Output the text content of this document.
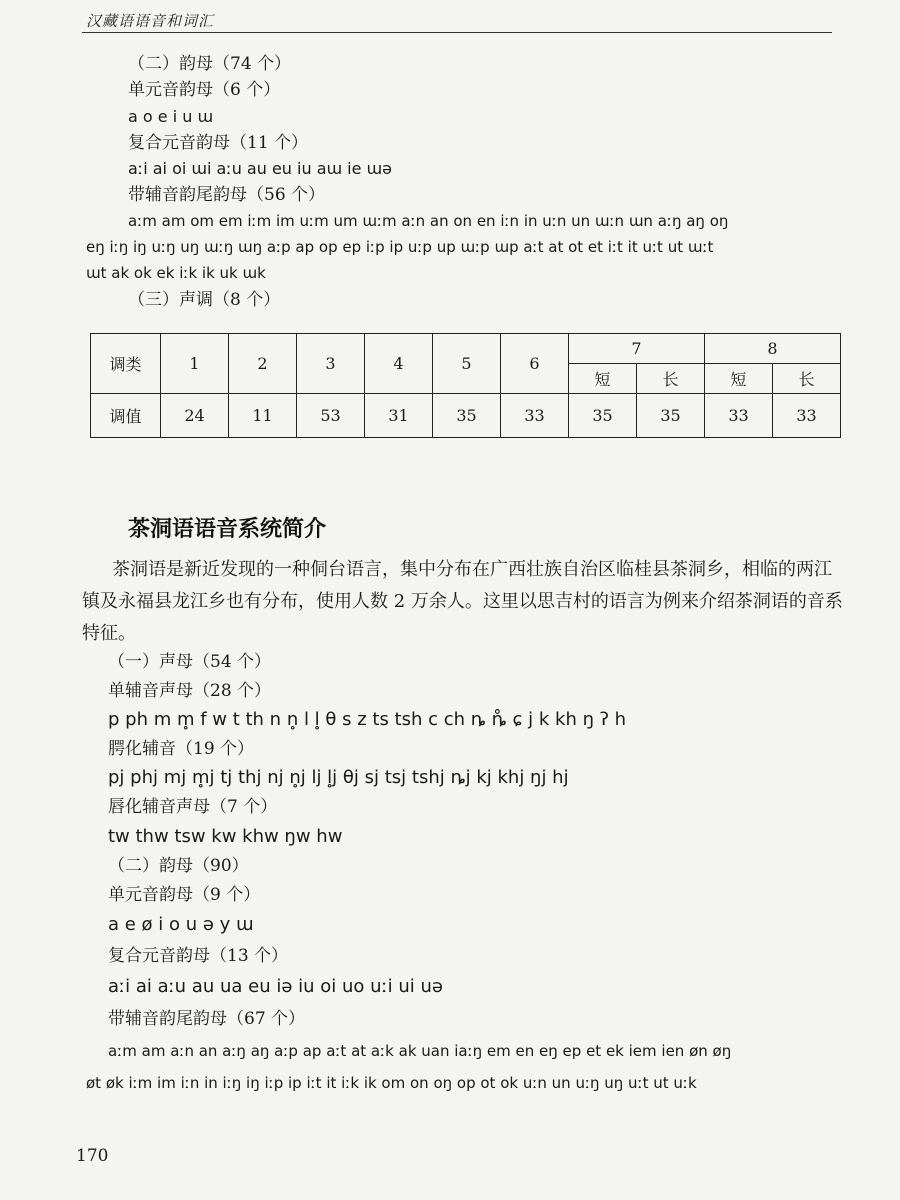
汉藏语语音和词汇
（二）韵母（74 个）
单元音韵母（6 个）
a o e i u ɯ
复合元音韵母（11 个）
aːi ai oi ɯi aːu au eu iu aɯ ie ɯə
带辅音韵尾韵母（56 个）
aːm am om em iːm im uːm um ɯːm aːn an on en iːn in uːn un ɯːn ɯn aːŋ aŋ oŋ
eŋ iːŋ iŋ uːŋ uŋ ɯːŋ ɯŋ aːp ap op ep iːp ip uːp up ɯːp ɯp aːt at ot et iːt it uːt ut ɯːt
ɯt ak ok ek iːk ik uk ɯk
（三）声调（8 个）
调类	1	2	3	4	5	6	7		8	
							短	长	短	长
调值	24	11	53	31	35	33	35	35	33	33
茶洞语语音系统简介
茶洞语是新近发现的一种侗台语言，集中分布在广西壮族自治区临桂县茶洞乡，相临的两江
镇及永福县龙江乡也有分布，使用人数 2 万余人。这里以思吉村的语言为例来介绍茶洞语的音系
特征。
（一）声母（54 个）
单辅音声母（28 个）
p ph m m̥ f w t th n n̥ l l̥ θ s z ts tsh c ch ȵ ȵ̊ ɕ j k kh ŋ ʔ h
腭化辅音（19 个）
pj phj mj m̥j tj thj nj n̥j lj l̥j θj sj tsj tshj ȵj kj khj ŋj hj
唇化辅音声母（7 个）
tw thw tsw kw khw ŋw hw
（二）韵母（90）
单元音韵母（9 个）
a e ø i o u ə y ɯ
复合元音韵母（13 个）
aːi ai aːu au ua eu iə iu oi uo uːi ui uə
带辅音韵尾韵母（67 个）
aːm am aːn an aːŋ aŋ aːp ap aːt at aːk ak uan iaːŋ em en eŋ ep et ek iem ien øn øŋ
øt øk iːm im iːn in iːŋ iŋ iːp ip iːt it iːk ik om on oŋ op ot ok uːn un uːŋ uŋ uːt ut uːk
170
